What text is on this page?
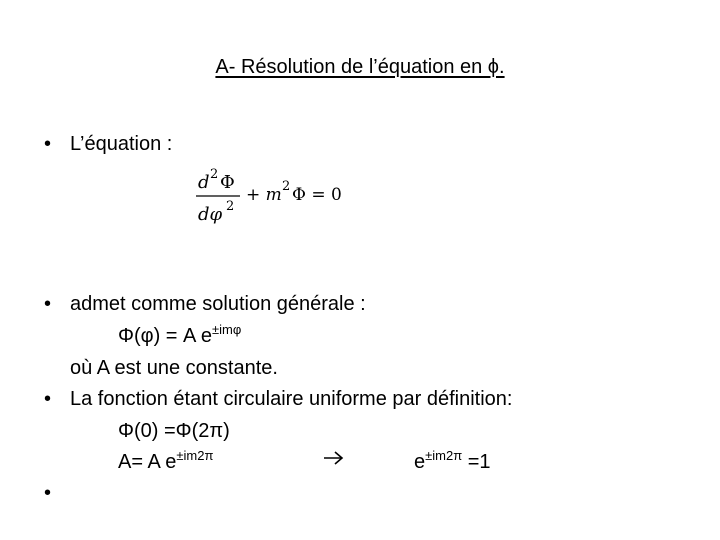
A- Résolution de l’équation en ϕ.
• L’équation :
d 2 Φ
dφ 2
+ m 2 Φ = 0
• admet comme solution générale :
Φ(φ) = A $e^{\pm im\varphi}$
où A est une constante.
• La fonction étant circulaire uniforme par définition:
Φ(0) =Φ(2π)
A= A $e^{\pm im2\pi}$	$e^{\pm im2\pi} =1$
•
